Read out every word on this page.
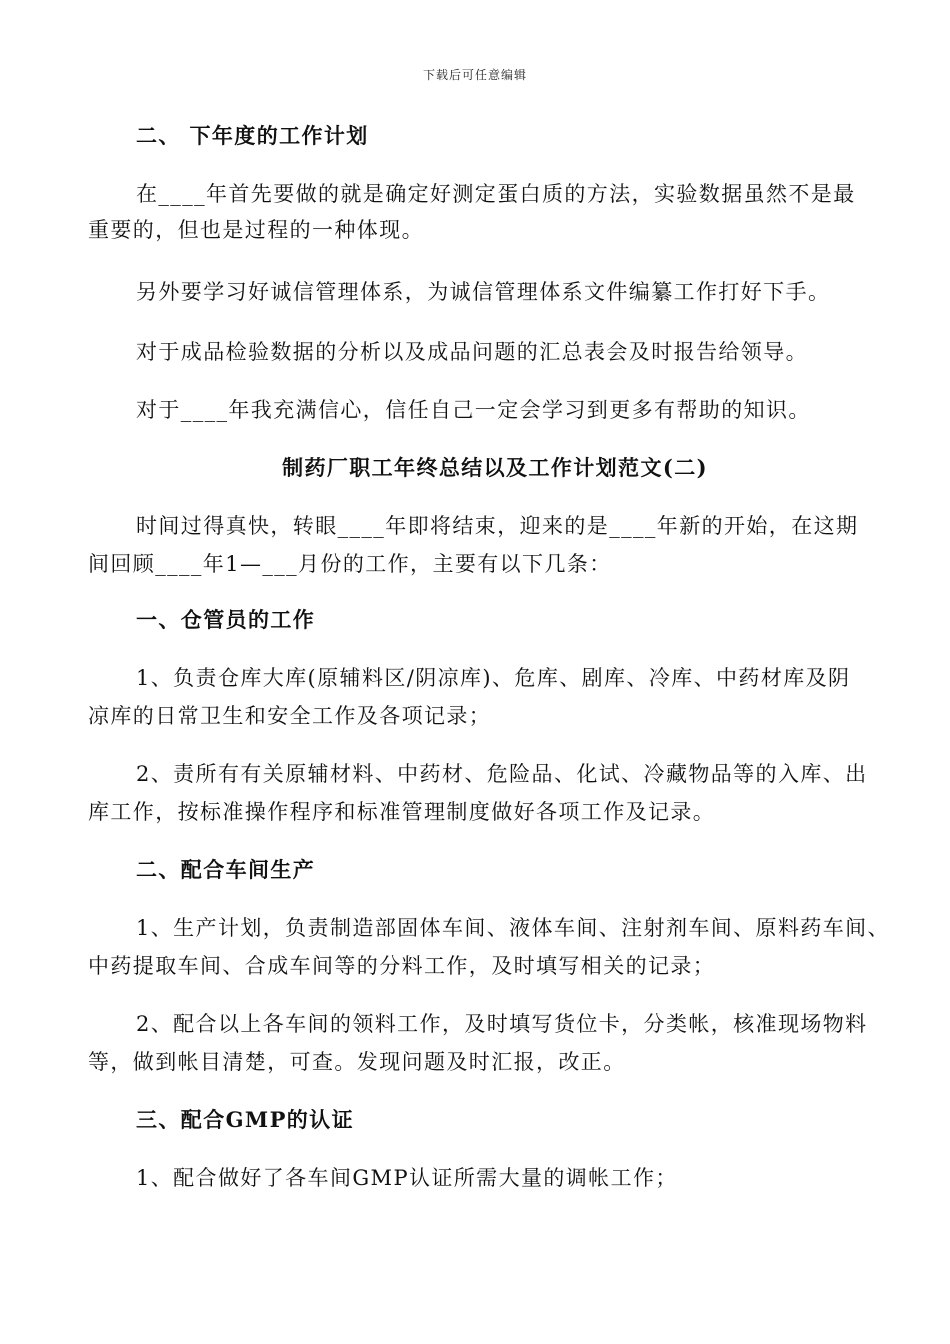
下载后可任意编辑
二、 下年度的工作计划
在____年首先要做的就是确定好测定蛋白质的方法，实验数据虽然不是最
重要的，但也是过程的一种体现。
另外要学习好诚信管理体系，为诚信管理体系文件编纂工作打好下手。
对于成品检验数据的分析以及成品问题的汇总表会及时报告给领导。
对于____年我充满信心，信任自己一定会学习到更多有帮助的知识。
制药厂职工年终总结以及工作计划范文(二)
时间过得真快，转眼____年即将结束，迎来的是____年新的开始，在这期
间回顾____年1—___月份的工作，主要有以下几条：
一、仓管员的工作
1、负责仓库大库(原辅料区/阴凉库)、危库、剧库、冷库、中药材库及阴
凉库的日常卫生和安全工作及各项记录；
2、责所有有关原辅材料、中药材、危险品、化试、冷藏物品等的入库、出
库工作，按标准操作程序和标准管理制度做好各项工作及记录。
二、配合车间生产
1、生产计划，负责制造部固体车间、液体车间、注射剂车间、原料药车间、
中药提取车间、合成车间等的分料工作，及时填写相关的记录；
2、配合以上各车间的领料工作，及时填写货位卡，分类帐，核准现场物料
等，做到帐目清楚，可查。发现问题及时汇报，改正。
三、配合GMP的认证
1、配合做好了各车间GMP认证所需大量的调帐工作；
